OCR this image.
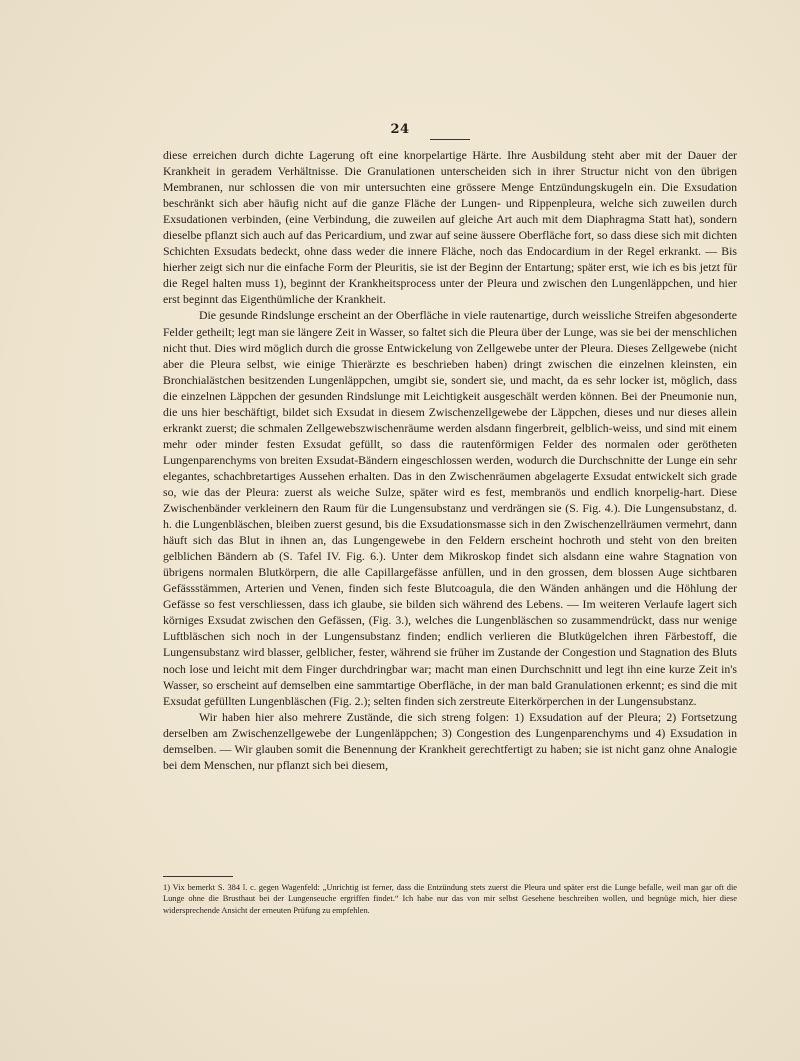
24

diese erreichen durch dichte Lagerung oft eine knorpelartige Härte. Ihre Ausbildung steht aber mit der Dauer der Krankheit in geradem Verhältnisse. Die Granulationen unterscheiden sich in ihrer Structur nicht von den übrigen Membranen, nur schlossen die von mir untersuchten eine grössere Menge Entzündungskugeln ein. Die Exsudation beschränkt sich aber häufig nicht auf die ganze Fläche der Lungen- und Rippenpleura, welche sich zuweilen durch Exsudationen verbinden, (eine Verbindung, die zuweilen auf gleiche Art auch mit dem Diaphragma Statt hat), sondern dieselbe pflanzt sich auch auf das Pericardium, und zwar auf seine äussere Oberfläche fort, so dass diese sich mit dichten Schichten Exsudats bedeckt, ohne dass weder die innere Fläche, noch das Endocardium in der Regel erkrankt. — Bis hierher zeigt sich nur die einfache Form der Pleuritis, sie ist der Beginn der Entartung; später erst, wie ich es bis jetzt für die Regel halten muss 1), beginnt der Krankheitsprocess unter der Pleura und zwischen den Lungenläppchen, und hier erst beginnt das Eigenthümliche der Krankheit.

Die gesunde Rindslunge erscheint an der Oberfläche in viele rautenartige, durch weissliche Streifen abgesonderte Felder getheilt; legt man sie längere Zeit in Wasser, so faltet sich die Pleura über der Lunge, was sie bei der menschlichen nicht thut. Dies wird möglich durch die grosse Entwickelung von Zellgewebe unter der Pleura. Dieses Zellgewebe (nicht aber die Pleura selbst, wie einige Thierärzte es beschrieben haben) dringt zwischen die einzelnen kleinsten, ein Bronchialästchen besitzenden Lungenläppchen, umgibt sie, sondert sie, und macht, da es sehr locker ist, möglich, dass die einzelnen Läppchen der gesunden Rindslunge mit Leichtigkeit ausgeschält werden können. Bei der Pneumonie nun, die uns hier beschäftigt, bildet sich Exsudat in diesem Zwischenzellgewebe der Läppchen, dieses und nur dieses allein erkrankt zuerst; die schmalen Zellgewebszwischenräume werden alsdann fingerbreit, gelblich-weiss, und sind mit einem mehr oder minder festen Exsudat gefüllt, so dass die rautenförmigen Felder des normalen oder gerötheten Lungenparenchyms von breiten Exsudat-Bändern eingeschlossen werden, wodurch die Durchschnitte der Lunge ein sehr elegantes, schachbretartiges Aussehen erhalten. Das in den Zwischenräumen abgelagerte Exsudat entwickelt sich grade so, wie das der Pleura: zuerst als weiche Sulze, später wird es fest, membranös und endlich knorpelig-hart. Diese Zwischenbänder verkleinern den Raum für die Lungensubstanz und verdrängen sie (S. Fig. 4.). Die Lungensubstanz, d. h. die Lungenbläschen, bleiben zuerst gesund, bis die Exsudationsmasse sich in den Zwischenzellräumen vermehrt, dann häuft sich das Blut in ihnen an, das Lungengewebe in den Feldern erscheint hochroth und steht von den breiten gelblichen Bändern ab (S. Tafel IV. Fig. 6.). Unter dem Mikroskop findet sich alsdann eine wahre Stagnation von übrigens normalen Blutkörpern, die alle Capillargefässe anfüllen, und in den grossen, dem blossen Auge sichtbaren Gefässstämmen, Arterien und Venen, finden sich feste Blutcoagula, die den Wänden anhängen und die Höhlung der Gefässe so fest verschliessen, dass ich glaube, sie bilden sich während des Lebens. — Im weiteren Verlaufe lagert sich körniges Exsudat zwischen den Gefässen, (Fig. 3.), welches die Lungenbläschen so zusammendrückt, dass nur wenige Luftbläschen sich noch in der Lungensubstanz finden; endlich verlieren die Blutkügelchen ihren Färbestoff, die Lungensubstanz wird blasser, gelblicher, fester, während sie früher im Zustande der Congestion und Stagnation des Bluts noch lose und leicht mit dem Finger durchdringbar war; macht man einen Durchschnitt und legt ihn eine kurze Zeit in's Wasser, so erscheint auf demselben eine sammtartige Oberfläche, in der man bald Granulationen erkennt; es sind die mit Exsudat gefüllten Lungenbläschen (Fig. 2.); selten finden sich zerstreute Eiterkörperchen in der Lungensubstanz.

Wir haben hier also mehrere Zustände, die sich streng folgen: 1) Exsudation auf der Pleura; 2) Fortsetzung derselben am Zwischenzellgewebe der Lungenläppchen; 3) Congestion des Lungenparenchyms und 4) Exsudation in demselben. — Wir glauben somit die Benennung der Krankheit gerechtfertigt zu haben; sie ist nicht ganz ohne Analogie bei dem Menschen, nur pflanzt sich bei diesem,

1) Vix bemerkt S. 384 l. c. gegen Wagenfeld: „Unrichtig ist ferner, dass die Entzündung stets zuerst die Pleura und später erst die Lunge befalle, weil man gar oft die Lunge ohne die Brusthaut bei der Lungenseuche ergriffen findet.“ Ich habe nur das von mir selbst Gesehene beschreiben wollen, und begnüge mich, hier diese widersprechende Ansicht der erneuten Prüfung zu empfehlen.
